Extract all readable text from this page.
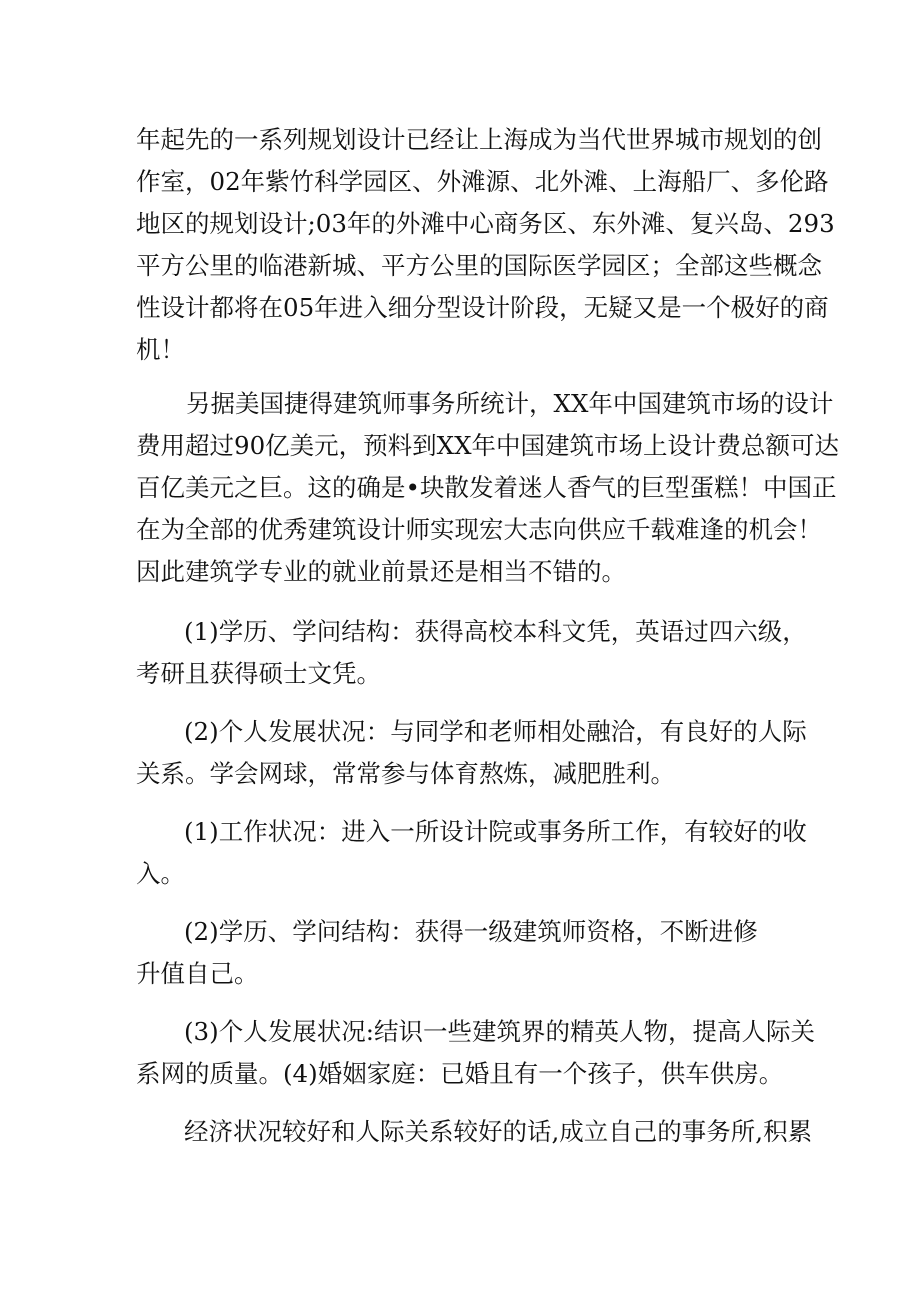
年起先的一系列规划设计已经让上海成为当代世界城市规划的创
作室，02年紫竹科学园区、外滩源、北外滩、上海船厂、多伦路
地区的规划设计;03年的外滩中心商务区、东外滩、复兴岛、293
平方公里的临港新城、平方公里的国际医学园区；全部这些概念
性设计都将在05年进入细分型设计阶段，无疑又是一个极好的商
机！
另据美国捷得建筑师事务所统计，XX年中国建筑市场的设计
费用超过90亿美元，预料到XX年中国建筑市场上设计费总额可达
百亿美元之巨。这的确是•块散发着迷人香气的巨型蛋糕！中国正
在为全部的优秀建筑设计师实现宏大志向供应千载难逢的机会！
因此建筑学专业的就业前景还是相当不错的。
(1)学历、学问结构：获得高校本科文凭，英语过四六级，
考研且获得硕士文凭。
(2)个人发展状况：与同学和老师相处融洽，有良好的人际
关系。学会网球，常常参与体育熬炼，减肥胜利。
(1)工作状况：进入一所设计院或事务所工作，有较好的收
入。
(2)学历、学问结构：获得一级建筑师资格，不断进修
升值自己。
(3)个人发展状况:结识一些建筑界的精英人物，提高人际关
系网的质量。(4)婚姻家庭：已婚且有一个孩子，供车供房。
经济状况较好和人际关系较好的话,成立自己的事务所,积累
